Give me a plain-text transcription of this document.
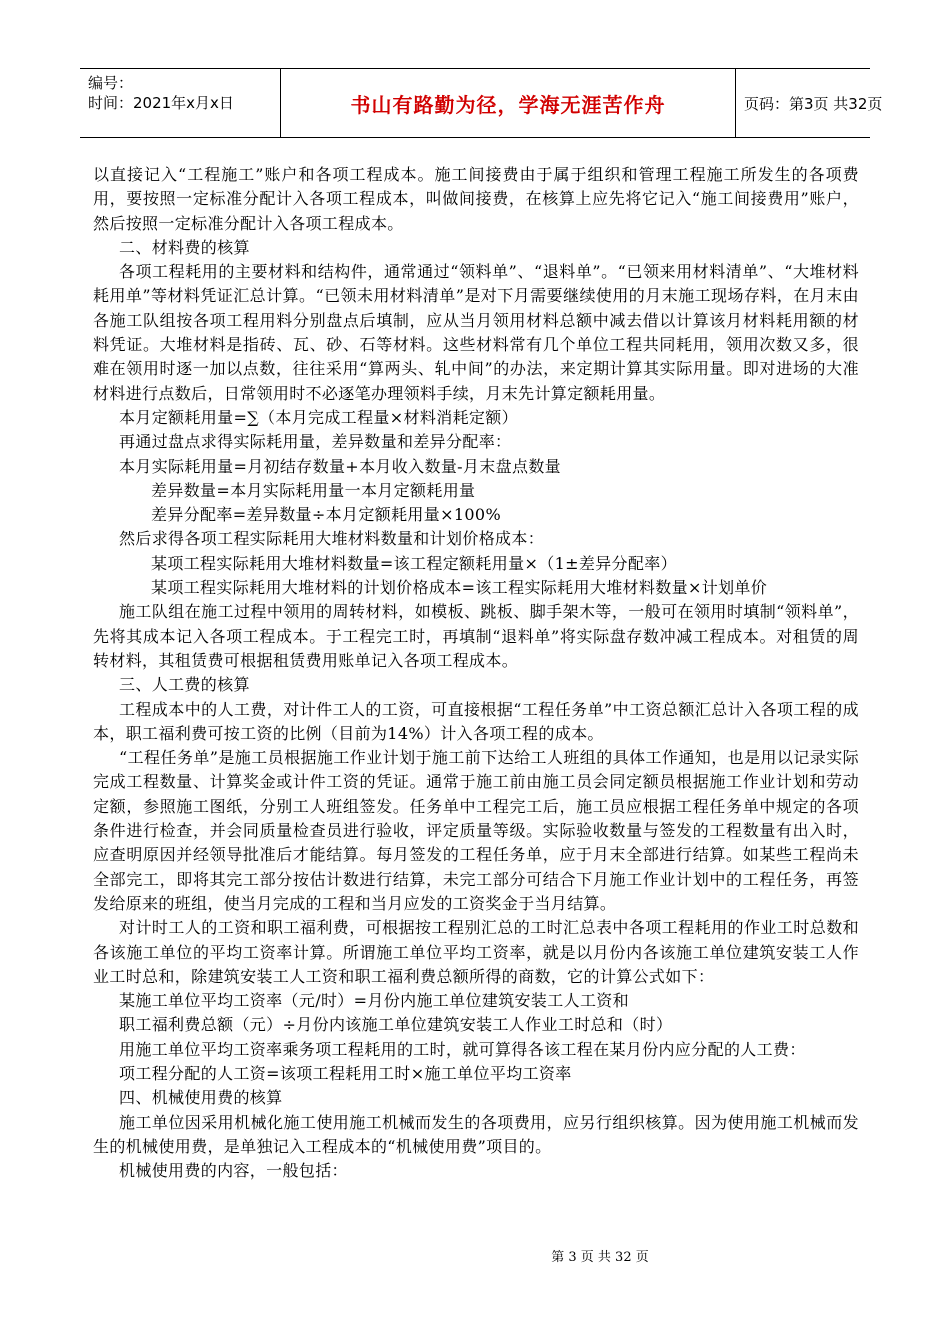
编号：
时间：2021年x月x日	书山有路勤为径，学海无涯苦作舟	页码：第3页 共32页

以直接记入“工程施工”账户和各项工程成本。施工间接费由于属于组织和管理工程施工所发生的各项费用，要按照一定标准分配计入各项工程成本，叫做间接费，在核算上应先将它记入“施工间接费用”账户，然后按照一定标准分配计入各项工程成本。

二、材料费的核算

各项工程耗用的主要材料和结构件，通常通过“领料单”、“退料单”。“已领来用材料清单”、“大堆材料耗用单”等材料凭证汇总计算。“已领未用材料清单”是对下月需要继续使用的月末施工现场存料，在月末由各施工队组按各项工程用料分别盘点后填制，应从当月领用材料总额中减去借以计算该月材料耗用额的材料凭证。大堆材料是指砖、瓦、砂、石等材料。这些材料常有几个单位工程共同耗用，领用次数又多，很难在领用时逐一加以点数，往往采用“算两头、轧中间”的办法，来定期计算其实际用量。即对进场的大准材料进行点数后，日常领用时不必逐笔办理领料手续，月末先计算定额耗用量。

本月定额耗用量=∑（本月完成工程量×材料消耗定额）

再通过盘点求得实际耗用量，差异数量和差异分配率：

本月实际耗用量=月初结存数量+本月收入数量-月末盘点数量

差异数量=本月实际耗用量一本月定额耗用量

差异分配率=差异数量÷本月定额耗用量×100%

然后求得各项工程实际耗用大堆材料数量和计划价格成本：

某项工程实际耗用大堆材料数量=该工程定额耗用量×（1±差异分配率）

某项工程实际耗用大堆材料的计划价格成本=该工程实际耗用大堆材料数量×计划单价

施工队组在施工过程中领用的周转材料，如模板、跳板、脚手架木等，一般可在领用时填制“领料单”，先将其成本记入各项工程成本。于工程完工时，再填制“退料单”将实际盘存数冲减工程成本。对租赁的周转材料，其租赁费可根据租赁费用账单记入各项工程成本。

三、人工费的核算

工程成本中的人工费，对计件工人的工资，可直接根据“工程任务单”中工资总额汇总计入各项工程的成本，职工福利费可按工资的比例（目前为14%）计入各项工程的成本。

“工程任务单”是施工员根据施工作业计划于施工前下达给工人班组的具体工作通知，也是用以记录实际完成工程数量、计算奖金或计件工资的凭证。通常于施工前由施工员会同定额员根据施工作业计划和劳动定额，参照施工图纸，分别工人班组签发。任务单中工程完工后，施工员应根据工程任务单中规定的各项条件进行检查，并会同质量检查员进行验收，评定质量等级。实际验收数量与签发的工程数量有出入时，应查明原因并经领导批准后才能结算。每月签发的工程任务单，应于月末全部进行结算。如某些工程尚未全部完工，即将其完工部分按估计数进行结算，未完工部分可结合下月施工作业计划中的工程任务，再签发给原来的班组，使当月完成的工程和当月应发的工资奖金于当月结算。

对计时工人的工资和职工福利费，可根据按工程别汇总的工时汇总表中各项工程耗用的作业工时总数和各该施工单位的平均工资率计算。所谓施工单位平均工资率，就是以月份内各该施工单位建筑安装工人作业工时总和，除建筑安装工人工资和职工福利费总额所得的商数，它的计算公式如下：

某施工单位平均工资率（元/时）=月份内施工单位建筑安装工人工资和

职工福利费总额（元）÷月份内该施工单位建筑安装工人作业工时总和（时）

用施工单位平均工资率乘务项工程耗用的工时，就可算得各该工程在某月份内应分配的人工费：

项工程分配的人工资=该项工程耗用工时×施工单位平均工资率

四、机械使用费的核算

施工单位因采用机械化施工使用施工机械而发生的各项费用，应另行组织核算。因为使用施工机械而发生的机械使用费，是单独记入工程成本的“机械使用费”项目的。

机械使用费的内容，一般包括：

第 3 页 共 32 页
